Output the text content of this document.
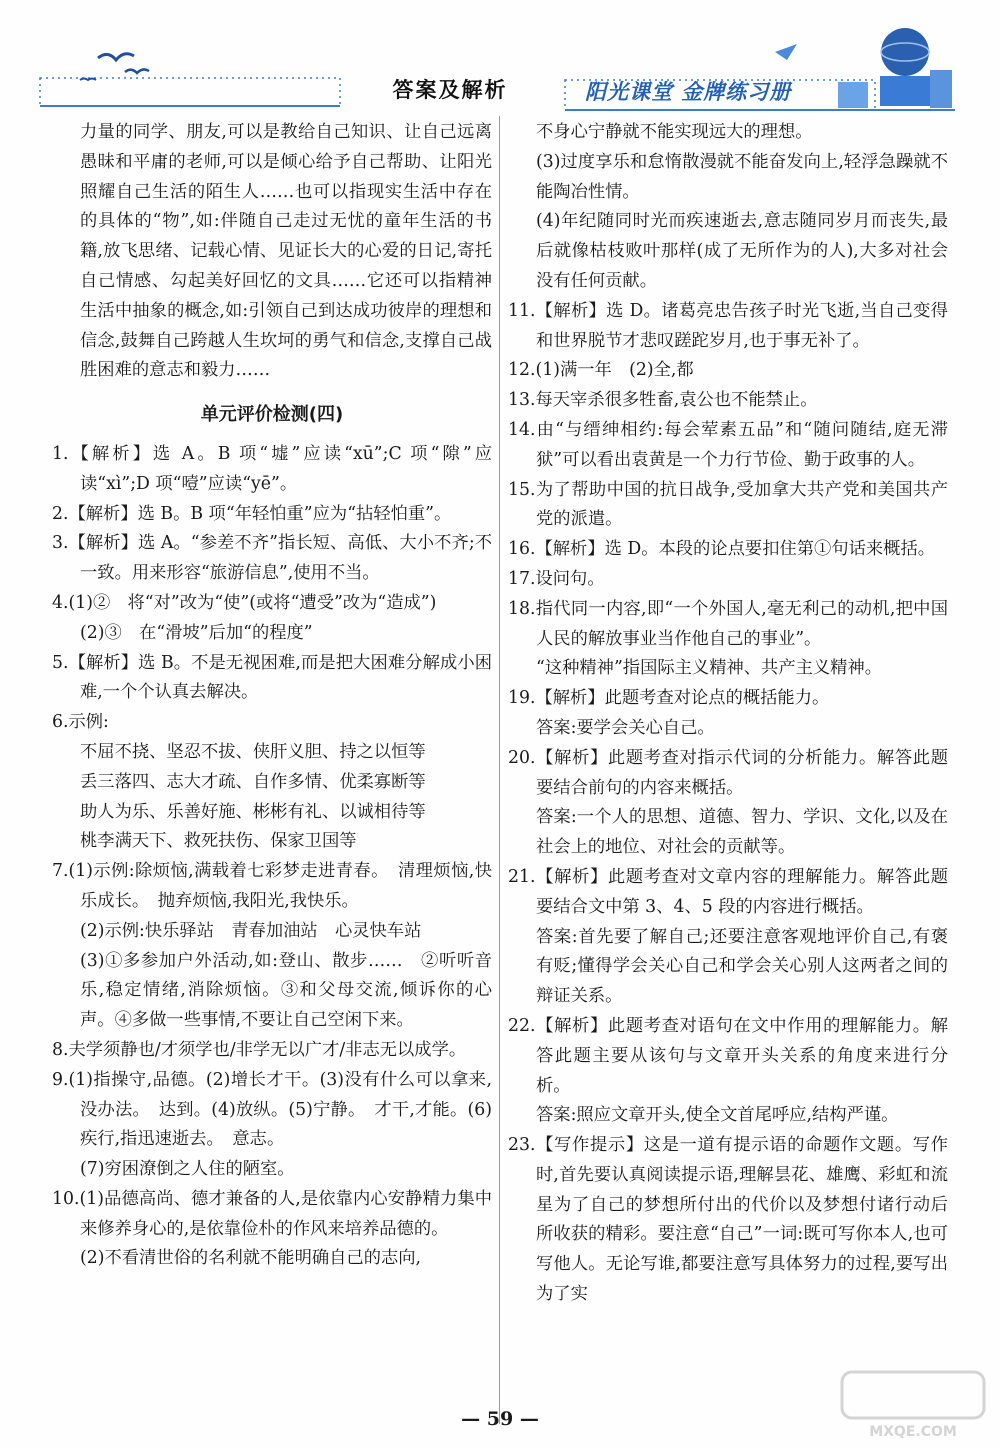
答案及解析	阳光课堂 金牌练习册

力量的同学、朋友,可以是教给自己知识、让自己远离愚昧和平庸的老师,可以是倾心给予自己帮助、让阳光照耀自己生活的陌生人……也可以指现实生活中存在的具体的“物”,如:伴随自己走过无忧的童年生活的书籍,放飞思绪、记载心情、见证长大的心爱的日记,寄托自己情感、勾起美好回忆的文具……它还可以指精神生活中抽象的概念,如:引领自己到达成功彼岸的理想和信念,鼓舞自己跨越人生坎坷的勇气和信念,支撑自己战胜困难的意志和毅力……

单元评价检测(四)

1.【解析】选 A。B 项“墟”应读“xū”;C 项“隙”应读“xì”;D 项“噎”应读“yē”。

2.【解析】选 B。B 项“年轻怕重”应为“拈轻怕重”。

3.【解析】选 A。“参差不齐”指长短、高低、大小不齐;不一致。用来形容“旅游信息”,使用不当。

4.(1)②　将“对”改为“使”(或将“遭受”改为“造成”)

(2)③　在“滑坡”后加“的程度”

5.【解析】选 B。不是无视困难,而是把大困难分解成小困难,一个个认真去解决。

6.示例:

不屈不挠、坚忍不拔、侠肝义胆、持之以恒等

丢三落四、志大才疏、自作多情、优柔寡断等

助人为乐、乐善好施、彬彬有礼、以诚相待等

桃李满天下、救死扶伤、保家卫国等

7.(1)示例:除烦恼,满载着七彩梦走进青春。　清理烦恼,快乐成长。　抛弃烦恼,我阳光,我快乐。

(2)示例:快乐驿站　青春加油站　心灵快车站

(3)①多参加户外活动,如:登山、散步……　②听听音乐,稳定情绪,消除烦恼。③和父母交流,倾诉你的心声。④多做一些事情,不要让自己空闲下来。

8.夫学须静也/才须学也/非学无以广才/非志无以成学。

9.(1)指操守,品德。(2)增长才干。(3)没有什么可以拿来,没办法。　达到。(4)放纵。(5)宁静。　才干,才能。(6)疾行,指迅速逝去。　意志。

(7)穷困潦倒之人住的陋室。

10.(1)品德高尚、德才兼备的人,是依靠内心安静精力集中来修养身心的,是依靠俭朴的作风来培养品德的。

(2)不看清世俗的名利就不能明确自己的志向,

不身心宁静就不能实现远大的理想。

(3)过度享乐和怠惰散漫就不能奋发向上,轻浮急躁就不能陶冶性情。

(4)年纪随同时光而疾速逝去,意志随同岁月而丧失,最后就像枯枝败叶那样(成了无所作为的人),大多对社会没有任何贡献。

11.【解析】选 D。诸葛亮忠告孩子时光飞逝,当自己变得和世界脱节才悲叹蹉跎岁月,也于事无补了。

12.(1)满一年　(2)全,都

13.每天宰杀很多牲畜,袁公也不能禁止。

14.由“与缙绅相约:每会荤素五品”和“随问随结,庭无滞狱”可以看出袁黄是一个力行节俭、勤于政事的人。

15.为了帮助中国的抗日战争,受加拿大共产党和美国共产党的派遣。

16.【解析】选 D。本段的论点要扣住第①句话来概括。

17.设问句。

18.指代同一内容,即“一个外国人,毫无利己的动机,把中国人民的解放事业当作他自己的事业”。

“这种精神”指国际主义精神、共产主义精神。

19.【解析】此题考查对论点的概括能力。

答案:要学会关心自己。

20.【解析】此题考查对指示代词的分析能力。解答此题要结合前句的内容来概括。

答案:一个人的思想、道德、智力、学识、文化,以及在社会上的地位、对社会的贡献等。

21.【解析】此题考查对文章内容的理解能力。解答此题要结合文中第 3、4、5 段的内容进行概括。

答案:首先要了解自己;还要注意客观地评价自己,有褒有贬;懂得学会关心自己和学会关心别人这两者之间的辩证关系。

22.【解析】此题考查对语句在文中作用的理解能力。解答此题主要从该句与文章开头关系的角度来进行分析。

答案:照应文章开头,使全文首尾呼应,结构严谨。

23.【写作提示】这是一道有提示语的命题作文题。写作时,首先要认真阅读提示语,理解昙花、雄鹰、彩虹和流星为了自己的梦想所付出的代价以及梦想付诸行动后所收获的精彩。要注意“自己”一词:既可写你本人,也可写他人。无论写谁,都要注意写具体努力的过程,要写出为了实

— 59 —
MXQE.COM
